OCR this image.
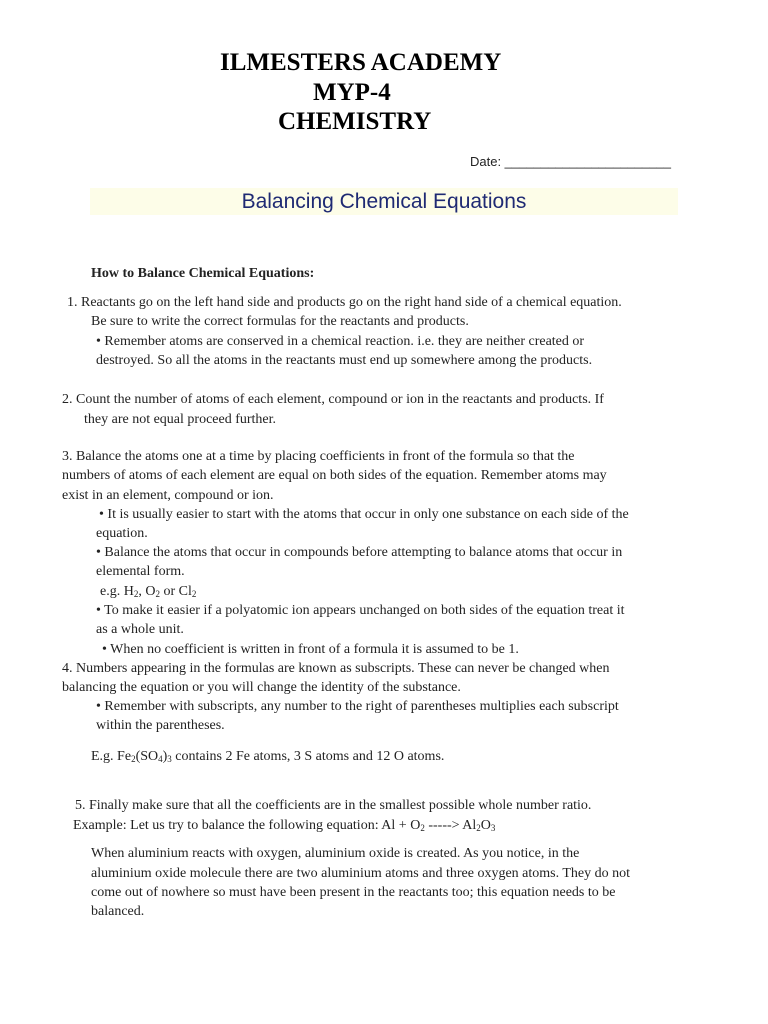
ILMESTERS ACADEMY
MYP-4
CHEMISTRY
Date: _______________________
Balancing Chemical Equations
How to Balance Chemical Equations:
1. Reactants go on the left hand side and products go on the right hand side of a chemical equation.
Be sure to write the correct formulas for the reactants and products.
• Remember atoms are conserved in a chemical reaction. i.e. they are neither created or
destroyed. So all the atoms in the reactants must end up somewhere among the products.
2. Count the number of atoms of each element, compound or ion in the reactants and products. If
they are not equal proceed further.
3. Balance the atoms one at a time by placing coefficients in front of the formula so that the
numbers of atoms of each element are equal on both sides of the equation. Remember atoms may
exist in an element, compound or ion.
• It is usually easier to start with the atoms that occur in only one substance on each side of the
equation.
• Balance the atoms that occur in compounds before attempting to balance atoms that occur in
elemental form.
e.g. $H_2$, $O_2$ or $Cl_2$
• To make it easier if a polyatomic ion appears unchanged on both sides of the equation treat it
as a whole unit.
• When no coefficient is written in front of a formula it is assumed to be 1.
4. Numbers appearing in the formulas are known as subscripts. These can never be changed when
balancing the equation or you will change the identity of the substance.
• Remember with subscripts, any number to the right of parentheses multiplies each subscript
within the parentheses.
E.g. $Fe_2(SO_4)_3$ contains 2 Fe atoms, 3 S atoms and 12 O atoms.
5. Finally make sure that all the coefficients are in the smallest possible whole number ratio.
Example: Let us try to balance the following equation: $Al + O_2$ -----> $Al_2O_3$
When aluminium reacts with oxygen, aluminium oxide is created. As you notice, in the
aluminium oxide molecule there are two aluminium atoms and three oxygen atoms. They do not
come out of nowhere so must have been present in the reactants too; this equation needs to be
balanced.
